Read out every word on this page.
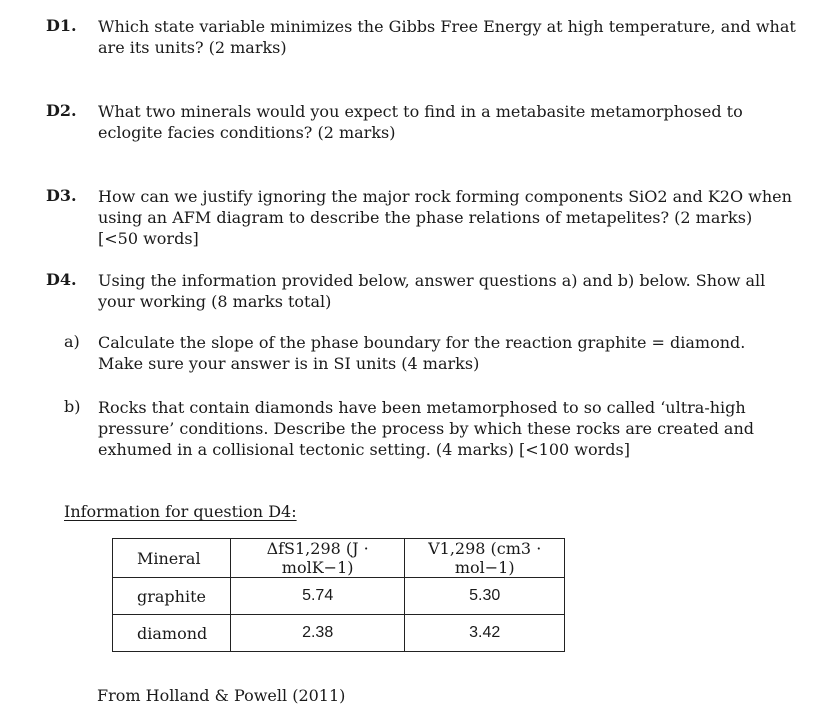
D1. Which state variable minimizes the Gibbs Free Energy at high temperature, and what are its units? (2 marks)
D2. What two minerals would you expect to find in a metabasite metamorphosed to eclogite facies conditions? (2 marks)
D3. How can we justify ignoring the major rock forming components SiO2 and K2O when using an AFM diagram to describe the phase relations of metapelites? (2 marks) [<50 words]
D4. Using the information provided below, answer questions a) and b) below. Show all your working (8 marks total)
a) Calculate the slope of the phase boundary for the reaction graphite = diamond. Make sure your answer is in SI units (4 marks)
b) Rocks that contain diamonds have been metamorphosed to so called ‘ultra-high pressure’ conditions. Describe the process by which these rocks are created and exhumed in a collisional tectonic setting. (4 marks) [<100 words]
Information for question D4:
Mineral	ΔfS1,298 (J · molK−1)	V1,298 (cm3 · mol−1)
graphite	5.74	5.30
diamond	2.38	3.42
From Holland & Powell (2011)
